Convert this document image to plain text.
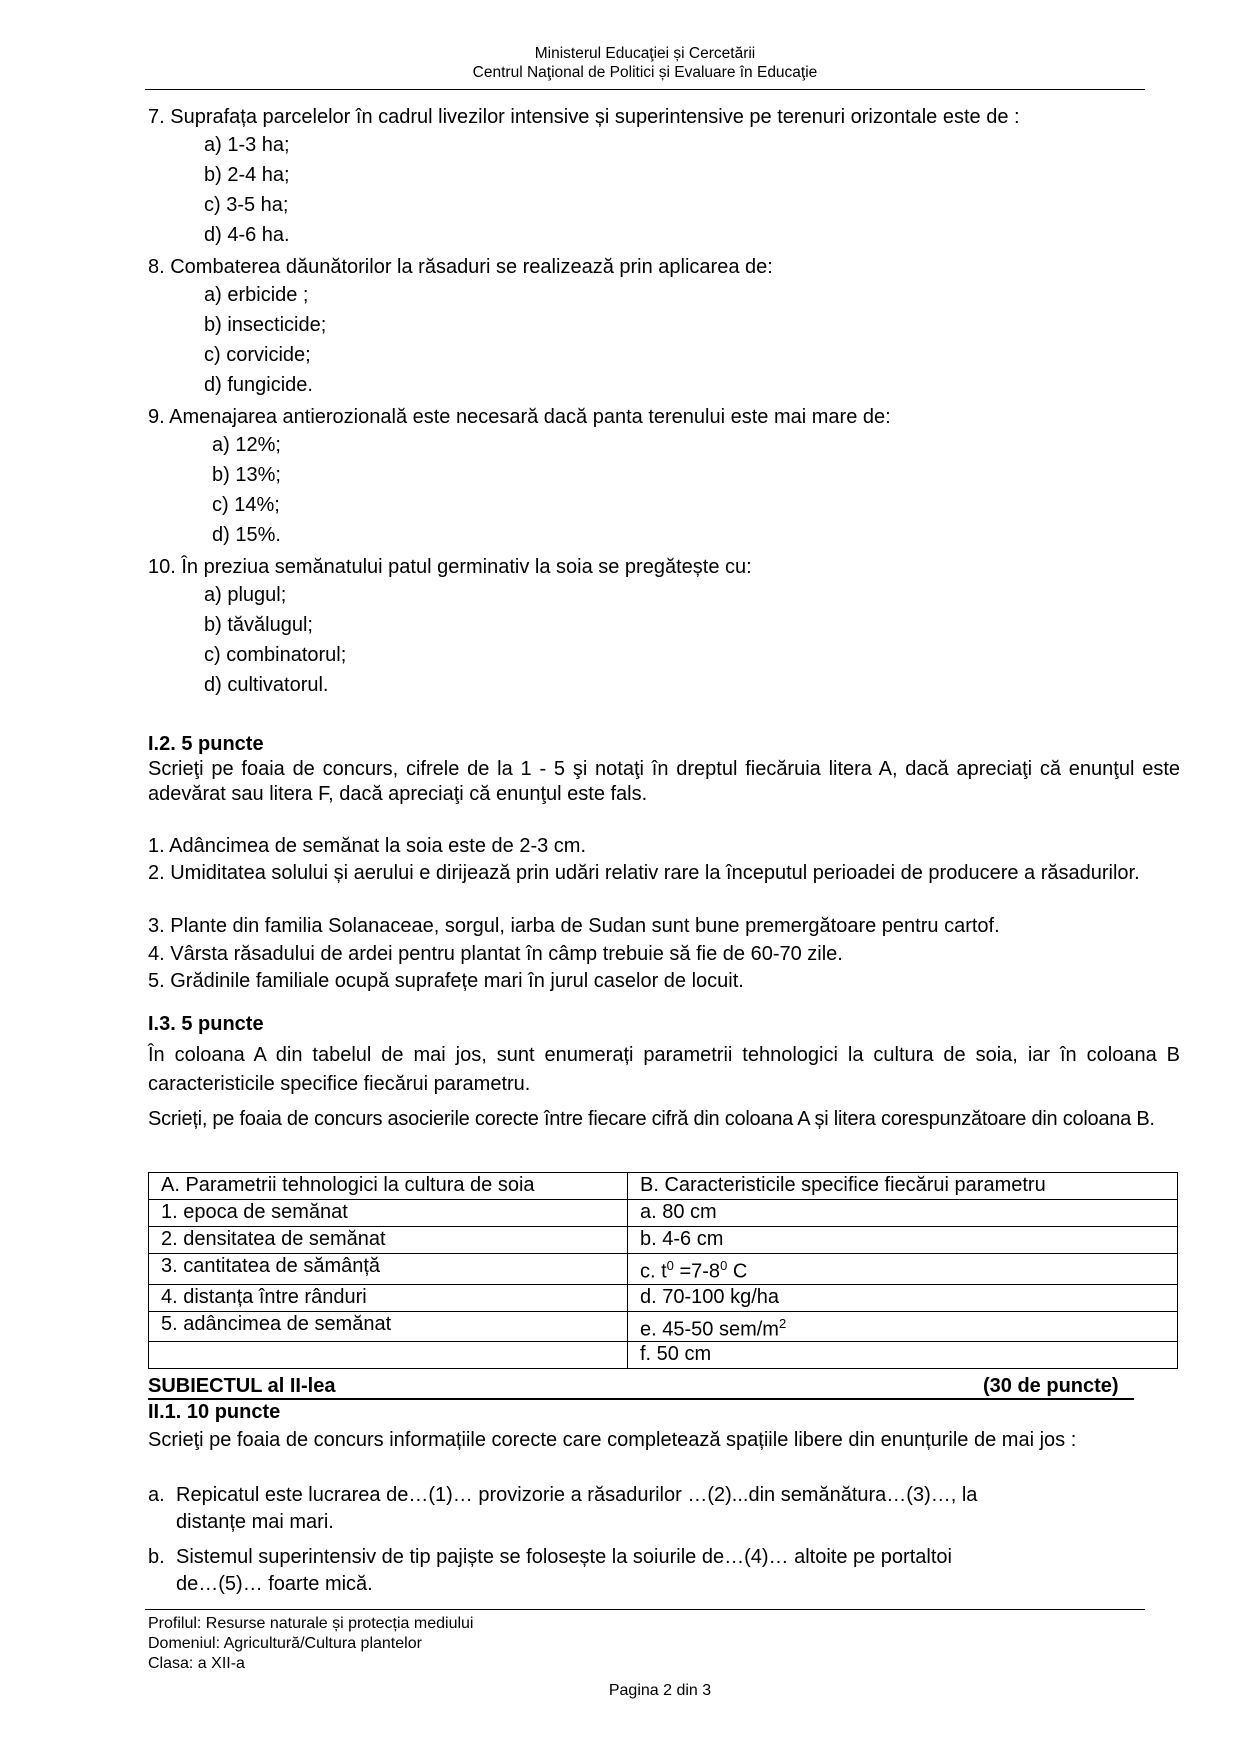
Ministerul Educaţiei și Cercetării
Centrul Naţional de Politici și Evaluare în Educaţie
7. Suprafața parcelelor în cadrul livezilor intensive și superintensive pe terenuri orizontale este de :
a) 1-3 ha;
b) 2-4 ha;
c) 3-5 ha;
d) 4-6 ha.
8. Combaterea dăunătorilor la răsaduri se realizează prin aplicarea de:
a) erbicide ;
b) insecticide;
c) corvicide;
d) fungicide.
9. Amenajarea antierozională este necesară dacă panta terenului este mai mare de:
a) 12%;
b) 13%;
c) 14%;
d) 15%.
10. În preziua semănatului patul germinativ la soia se pregătește cu:
a) plugul;
b) tăvălugul;
c) combinatorul;
d) cultivatorul.
I.2. 5 puncte
Scrieţi pe foaia de concurs, cifrele de la 1 - 5 şi notaţi în dreptul fiecăruia litera A, dacă apreciaţi că enunţul este adevărat sau litera F, dacă apreciaţi că enunţul este fals.
1. Adâncimea de semănat la soia este de 2-3 cm.
2. Umiditatea solului și aerului e dirijează prin udări relativ rare la începutul perioadei de producere a răsadurilor.
3. Plante din familia Solanaceae, sorgul, iarba de Sudan sunt bune premergătoare pentru cartof.
4. Vârsta răsadului de ardei pentru plantat în câmp trebuie să fie de 60-70 zile.
5. Grădinile familiale ocupă suprafețe mari în jurul caselor de locuit.
I.3. 5 puncte
În coloana A din tabelul de mai jos, sunt enumerați parametrii tehnologici la cultura de soia, iar în coloana B caracteristicile specifice fiecărui parametru.
Scrieți, pe foaia de concurs asocierile corecte între fiecare cifră din coloana A și litera corespunzătoare din coloana B.
A. Parametrii tehnologici la cultura de soia	B. Caracteristicile specifice fiecărui parametru
1. epoca de semănat	a. 80 cm
2. densitatea de semănat	b. 4-6 cm
3. cantitatea de sămânță	c. $t^0 =7-8^0$ C
4. distanța între rânduri	d. 70-100 kg/ha
5. adâncimea de semănat	e. 45-50 sem/$m^2$
	f. 50 cm
SUBIECTUL al II-lea	(30 de puncte)
II.1. 10 puncte
Scrieţi pe foaia de concurs informațiile corecte care completează spațiile libere din enunțurile de mai jos :
a. Repicatul este lucrarea de…(1)… provizorie a răsadurilor …(2)...din semănătura…(3)…, la
distanțe mai mari.
b. Sistemul superintensiv de tip pajiște se folosește la soiurile de…(4)… altoite pe portaltoi
de…(5)… foarte mică.
Profilul: Resurse naturale și protecția mediului
Domeniul: Agricultură/Cultura plantelor
Clasa: a XII-a
Pagina 2 din 3
